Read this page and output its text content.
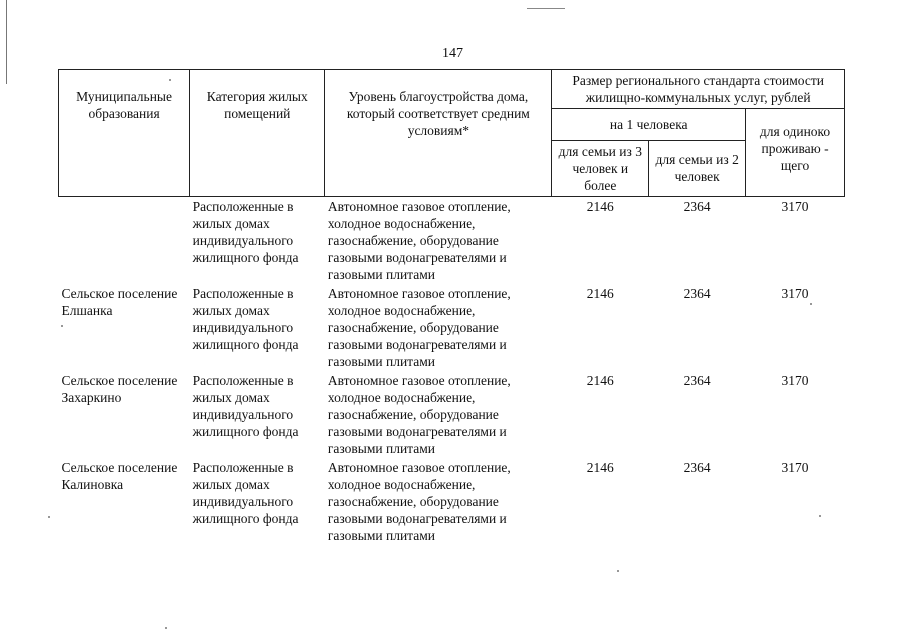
147
Муниципальные образования	Категория жилых помещений	Уровень благоустройства дома, который соответствует средним условиям*	Размер регионального стандарта стоимости жилищно-коммунальных услуг, рублей		
			на 1 человека		для одиноко проживаю - щего
			для семьи из 3 человек и более	для семьи из 2 человек	
	Расположенные в жилых домах индивидуального жилищного фонда	Автономное газовое отопление, холодное водоснабжение, газоснабжение, оборудование газовыми водонагревателями и газовыми плитами	2146	2364	3170
Сельское поселение Елшанка	Расположенные в жилых домах индивидуального жилищного фонда	Автономное газовое отопление, холодное водоснабжение, газоснабжение, оборудование газовыми водонагревателями и газовыми плитами	2146	2364	3170
Сельское поселение Захаркино	Расположенные в жилых домах индивидуального жилищного фонда	Автономное газовое отопление, холодное водоснабжение, газоснабжение, оборудование газовыми водонагревателями и газовыми плитами	2146	2364	3170
Сельское поселение Калиновка	Расположенные в жилых домах индивидуального жилищного фонда	Автономное газовое отопление, холодное водоснабжение, газоснабжение, оборудование газовыми водонагревателями и газовыми плитами	2146	2364	3170
